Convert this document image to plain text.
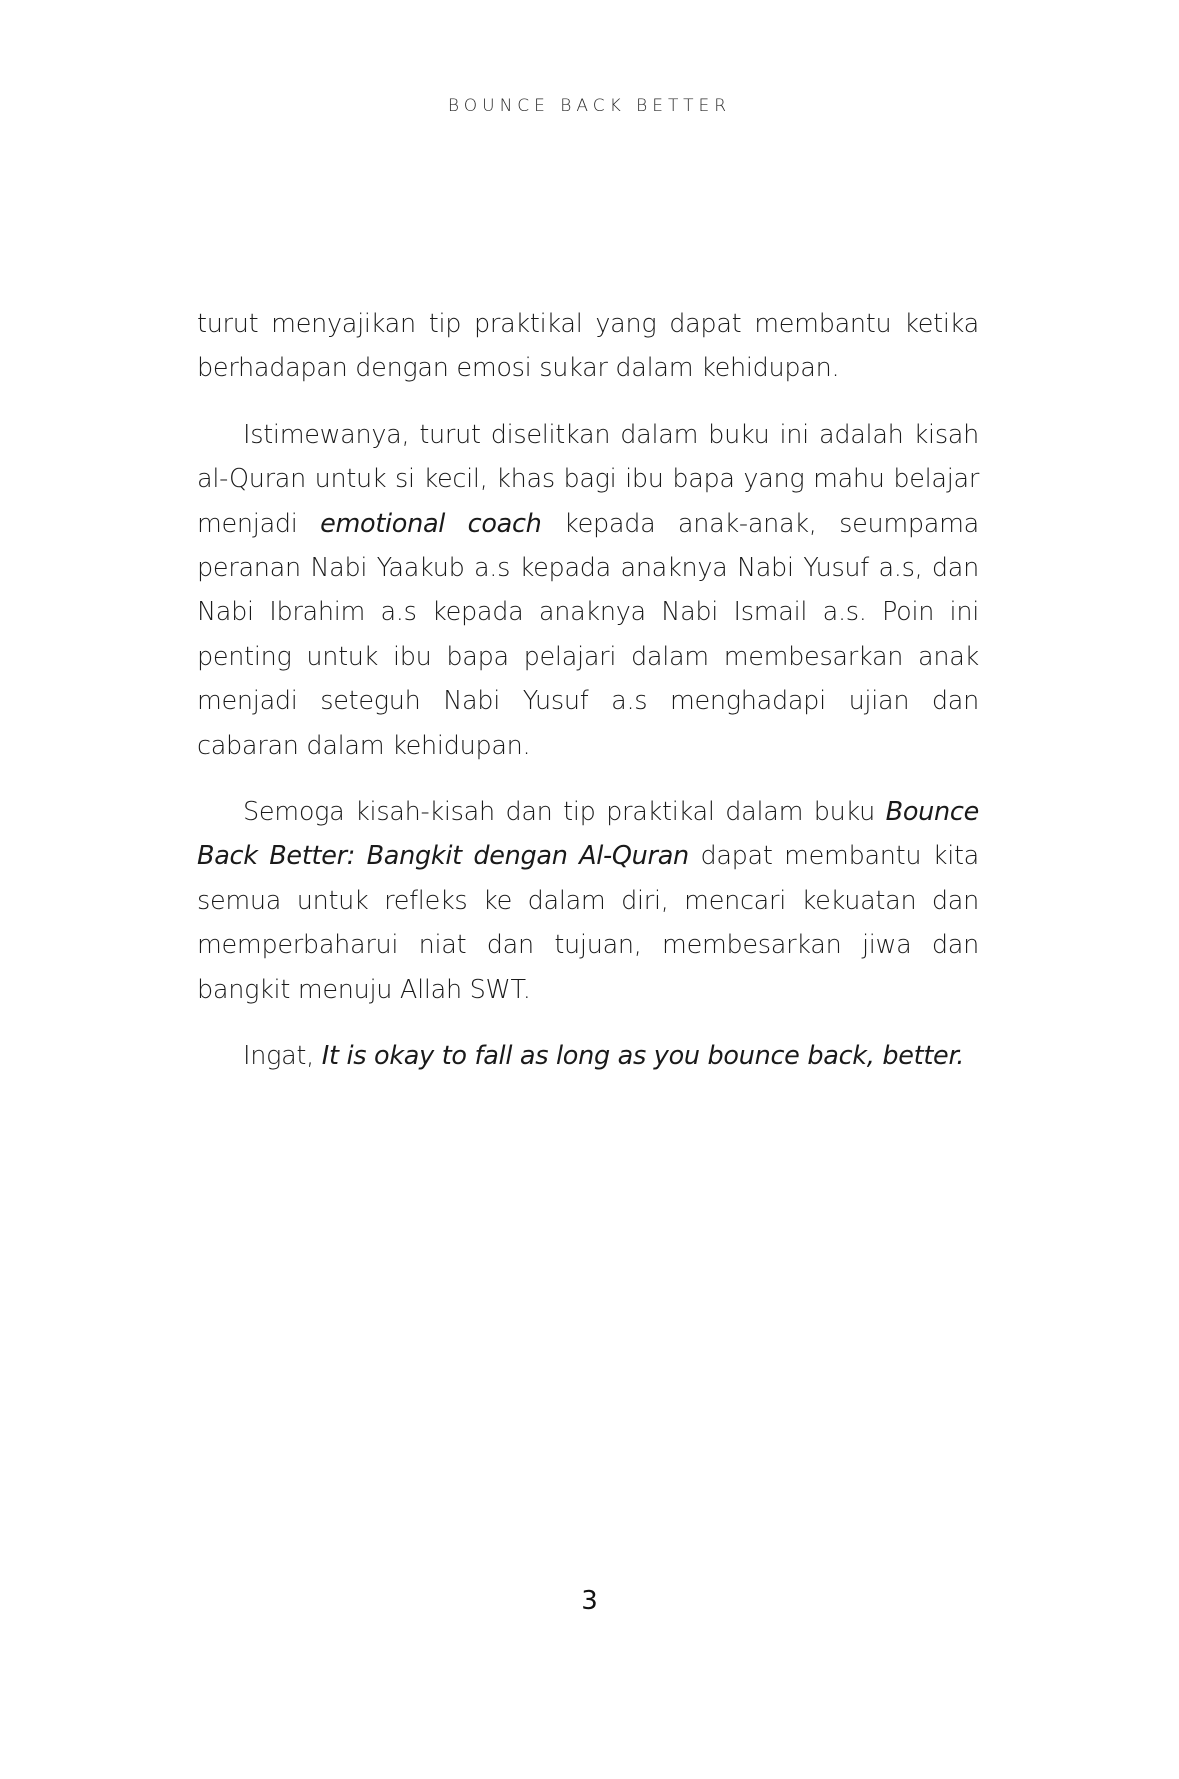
BOUNCE BACK BETTER

turut menyajikan tip praktikal yang dapat membantu ketika berhadapan dengan emosi sukar dalam kehidupan.

Istimewanya, turut diselitkan dalam buku ini adalah kisah al-Quran untuk si kecil, khas bagi ibu bapa yang mahu belajar menjadi emotional coach kepada anak-anak, seumpama peranan Nabi Yaakub a.s kepada anaknya Nabi Yusuf a.s, dan Nabi Ibrahim a.s kepada anaknya Nabi Ismail a.s. Poin ini penting untuk ibu bapa pelajari dalam membesarkan anak menjadi seteguh Nabi Yusuf a.s menghadapi ujian dan cabaran dalam kehidupan.

Semoga kisah-kisah dan tip praktikal dalam buku Bounce Back Better: Bangkit dengan Al-Quran dapat membantu kita semua untuk refleks ke dalam diri, mencari kekuatan dan memperbaharui niat dan tujuan, membesarkan jiwa dan bangkit menuju Allah SWT.

Ingat, It is okay to fall as long as you bounce back, better.

3
